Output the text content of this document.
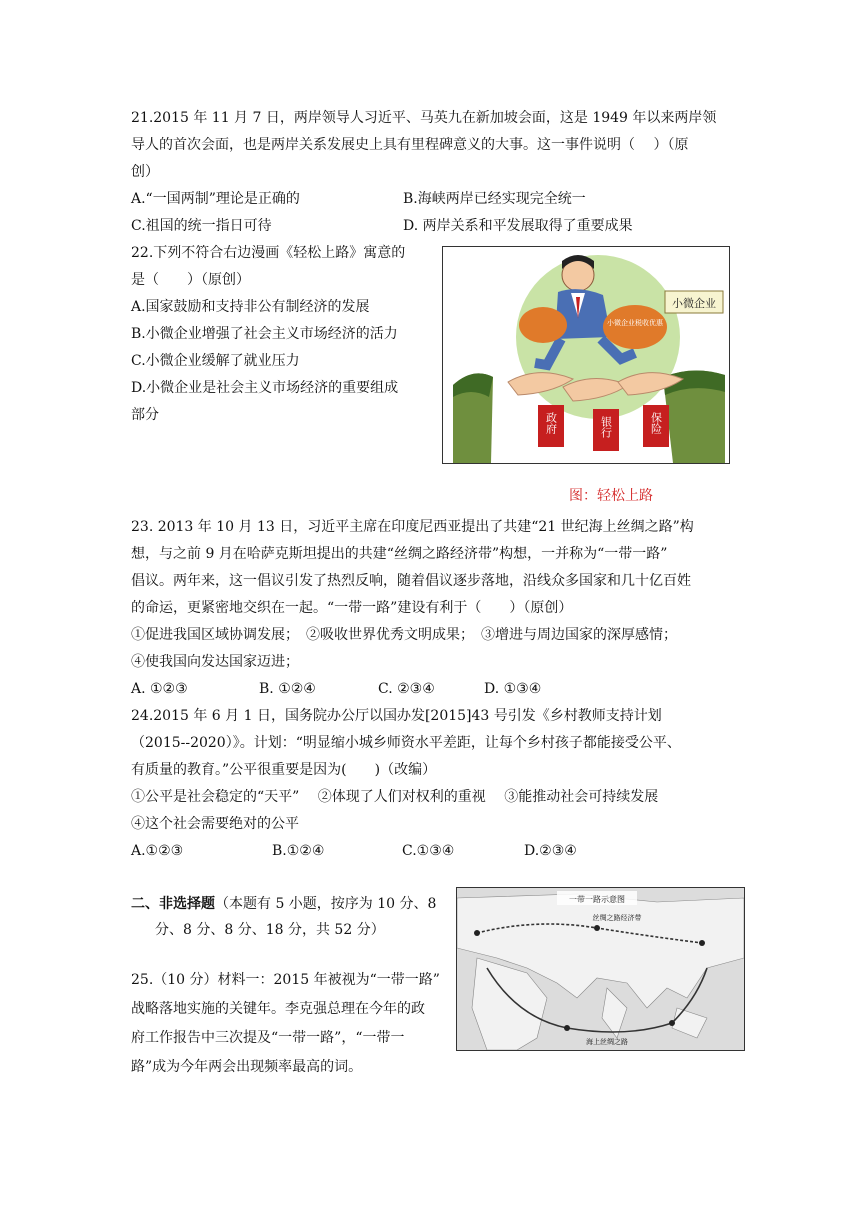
21.2015 年 11 月 7 日，两岸领导人习近平、马英九在新加坡会面，这是 1949 年以来两岸领
导人的首次会面，也是两岸关系发展史上具有里程碑意义的大事。这一事件说明（　 ）（原
创）
A.“一国两制”理论是正确的	B.海峡两岸已经实现完全统一
C.祖国的统一指日可待	D. 两岸关系和平发展取得了重要成果
22.下列不符合右边漫画《轻松上路》寓意的
是（　　）（原创）
A.国家鼓励和支持非公有制经济的发展
B.小微企业增强了社会主义市场经济的活力
C.小微企业缓解了就业压力
D.小微企业是社会主义市场经济的重要组成
部分	政府	银行	保险
小微企业税收优惠
小微企业
图：轻松上路
23. 2013 年 10 月 13 日，习近平主席在印度尼西亚提出了共建“21 世纪海上丝绸之路”构
想，与之前 9 月在哈萨克斯坦提出的共建“丝绸之路经济带”构想，一并称为“一带一路”
倡议。两年来，这一倡议引发了热烈反响，随着倡议逐步落地，沿线众多国家和几十亿百姓
的命运，更紧密地交织在一起。“一带一路”建设有利于（　　）（原创）
①促进我国区域协调发展；　②吸收世界优秀文明成果；　③增进与周边国家的深厚感情；
④使我国向发达国家迈进；
A. ①②③	B. ①②④	C. ②③④	D. ①③④
24.2015 年 6 月 1 日，国务院办公厅以国办发[2015]43 号引发《乡村教师支持计划
（2015--2020）》。计划：“明显缩小城乡师资水平差距，让每个乡村孩子都能接受公平、
有质量的教育。”公平很重要是因为(　　)（改编）
①公平是社会稳定的“天平”　 ②体现了人们对权利的重视　 ③能推动社会可持续发展
④这个社会需要绝对的公平
A.①②③	B.①②④	C.①③④	D.②③④
二、非选择题（本题有 5 小题，按序为 10 分、8
分、8 分、8 分、18 分，共 52 分）
25.（10 分）材料一：2015 年被视为“一带一路”
战略落地实施的关键年。李克强总理在今年的政
府工作报告中三次提及“一带一路”，“一带一
路”成为今年两会出现频率最高的词。
一带一路示意图
丝绸之路经济带
海上丝绸之路
